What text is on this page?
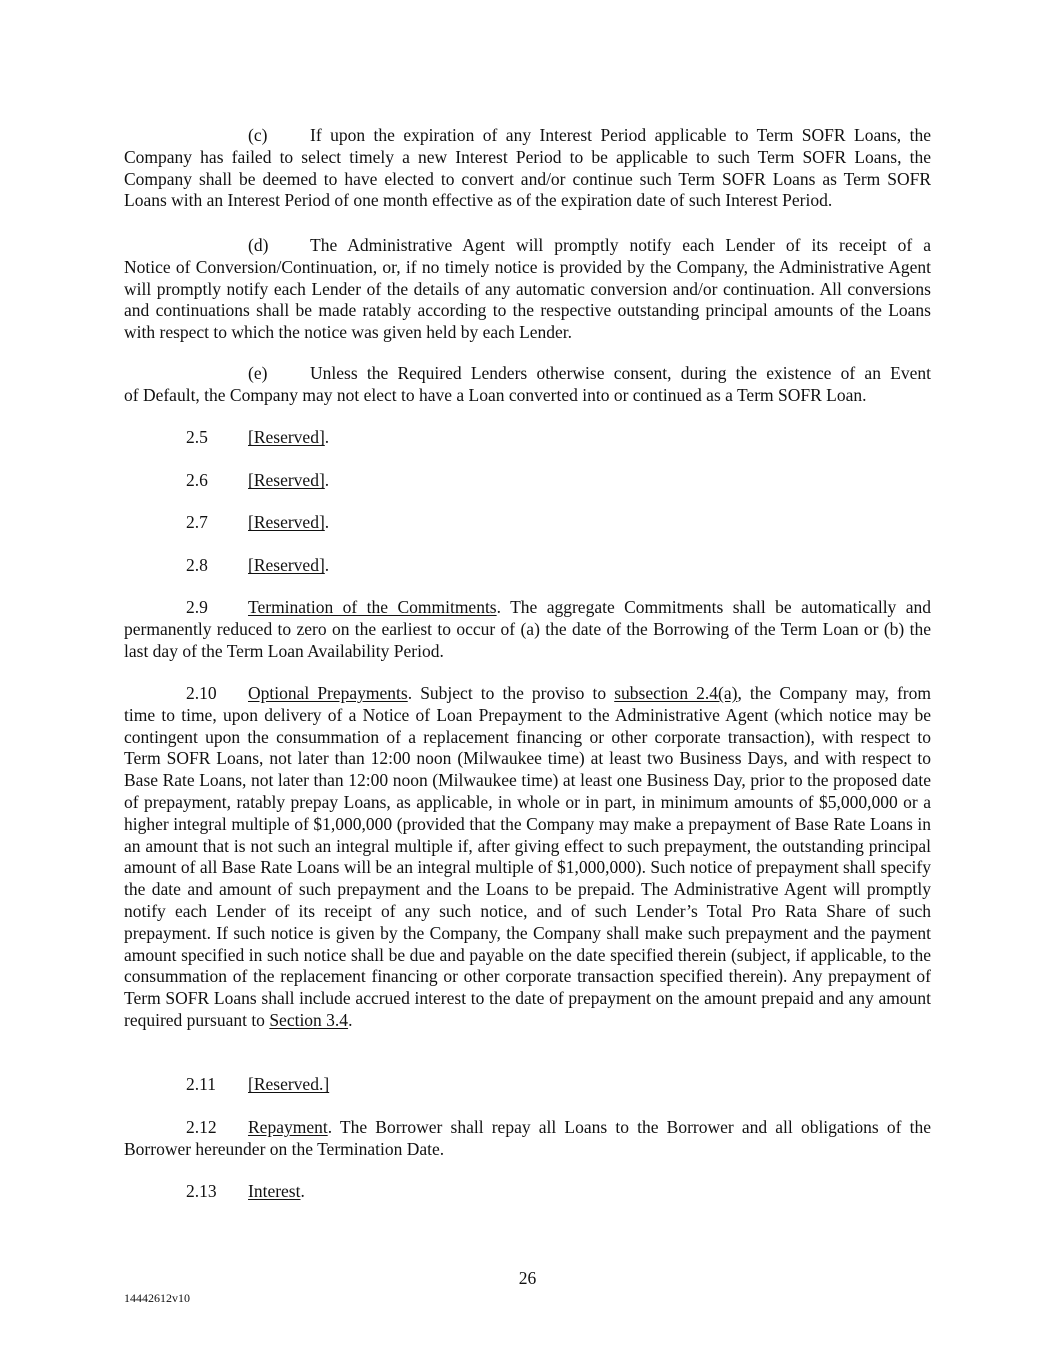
(c) If upon the expiration of any Interest Period applicable to Term SOFR Loans, the

Company has failed to select timely a new Interest Period to be applicable to such Term SOFR Loans, the Company shall be deemed to have elected to convert and/or continue such Term SOFR Loans as Term SOFR Loans with an Interest Period of one month effective as of the expiration date of such Interest Period.

(d) The Administrative Agent will promptly notify each Lender of its receipt of a

Notice of Conversion/Continuation, or, if no timely notice is provided by the Company, the Administrative Agent will promptly notify each Lender of the details of any automatic conversion and/or continuation. All conversions and continuations shall be made ratably according to the respective outstanding principal amounts of the Loans with respect to which the notice was given held by each Lender.

(e) Unless the Required Lenders otherwise consent, during the existence of an Event

of Default, the Company may not elect to have a Loan converted into or continued as a Term SOFR Loan.

2.5 [Reserved].

2.6 [Reserved].

2.7 [Reserved].

2.8 [Reserved].

2.9 Termination of the Commitments. The aggregate Commitments shall be automatically and

permanently reduced to zero on the earliest to occur of (a) the date of the Borrowing of the Term Loan or (b) the last day of the Term Loan Availability Period.

2.10 Optional Prepayments. Subject to the proviso to subsection 2.4(a), the Company may, from

time to time, upon delivery of a Notice of Loan Prepayment to the Administrative Agent (which notice may be contingent upon the consummation of a replacement financing or other corporate transaction), with respect to Term SOFR Loans, not later than 12:00 noon (Milwaukee time) at least two Business Days, and with respect to Base Rate Loans, not later than 12:00 noon (Milwaukee time) at least one Business Day, prior to the proposed date of prepayment, ratably prepay Loans, as applicable, in whole or in part, in minimum amounts of $5,000,000 or a higher integral multiple of $1,000,000 (provided that the Company may make a prepayment of Base Rate Loans in an amount that is not such an integral multiple if, after giving effect to such prepayment, the outstanding principal amount of all Base Rate Loans will be an integral multiple of $1,000,000). Such notice of prepayment shall specify the date and amount of such prepayment and the Loans to be prepaid. The Administrative Agent will promptly notify each Lender of its receipt of any such notice, and of such Lender’s Total Pro Rata Share of such prepayment. If such notice is given by the Company, the Company shall make such prepayment and the payment amount specified in such notice shall be due and payable on the date specified therein (subject, if applicable, to the consummation of the replacement financing or other corporate transaction specified therein). Any prepayment of Term SOFR Loans shall include accrued interest to the date of prepayment on the amount prepaid and any amount required pursuant to Section 3.4.

2.11 [Reserved.]

2.12 Repayment. The Borrower shall repay all Loans to the Borrower and all obligations of the

Borrower hereunder on the Termination Date.

2.13 Interest.

26
14442612v10
